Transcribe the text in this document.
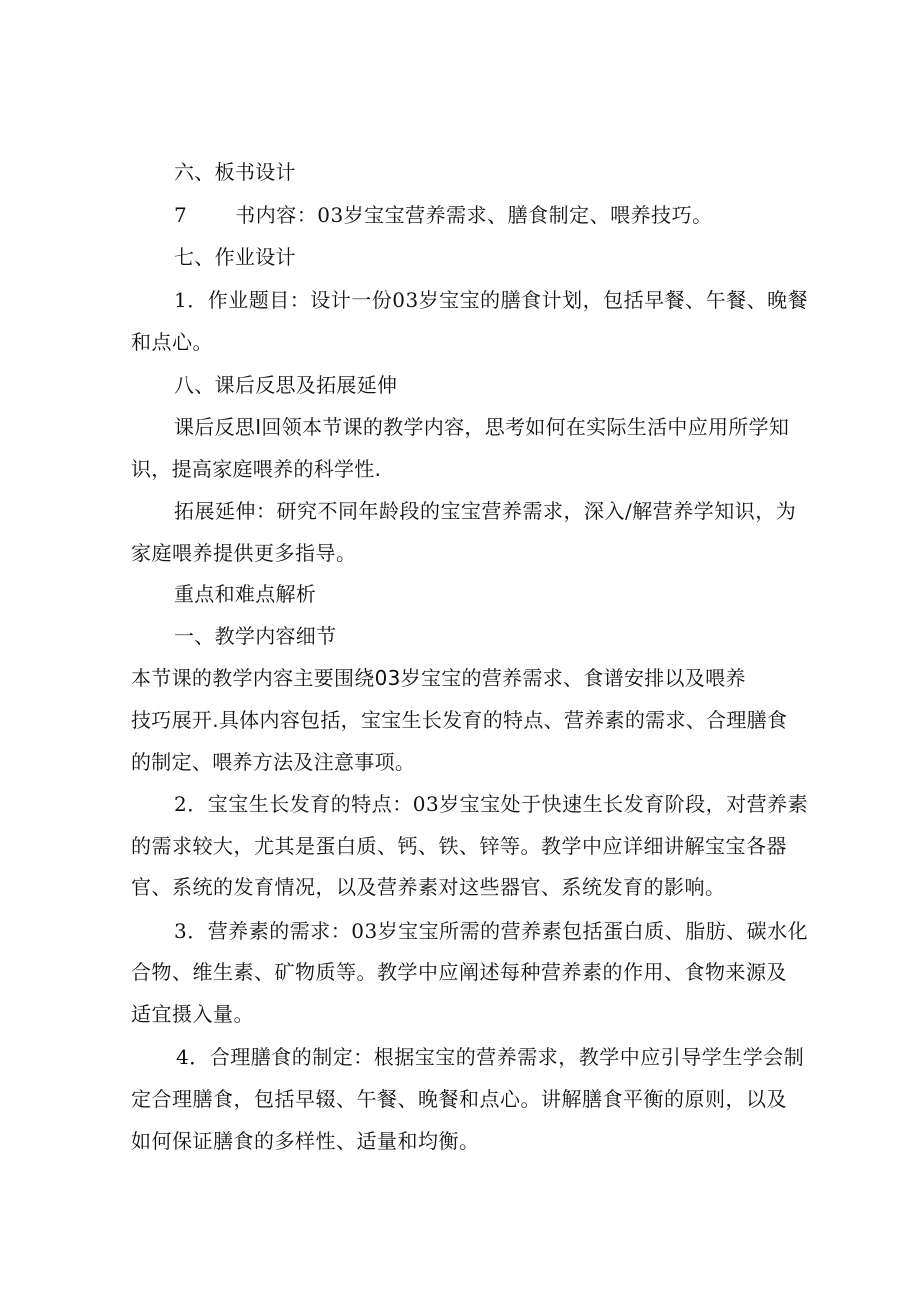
六、板书设计
7 书内容：03岁宝宝营养需求、膳食制定、喂养技巧。
七、作业设计
1．作业题目：设计一份03岁宝宝的膳食计划，包括早餐、午餐、晚餐
和点心。
八、课后反思及拓展延伸
课后反思I回领本节课的教学内容，思考如何在实际生活中应用所学知
识，提高家庭喂养的科学性.
拓展延伸：研究不同年龄段的宝宝营养需求，深入/解营养学知识，为
家庭喂养提供更多指导。
重点和难点解析
一、教学内容细节
本节课的教学内容主要围绕03岁宝宝的营养需求、食谱安排以及喂养
技巧展开.具体内容包括，宝宝生长发育的特点、营养素的需求、合理膳食
的制定、喂养方法及注意事项。
2．宝宝生长发育的特点：03岁宝宝处于快速生长发育阶段，对营养素
的需求较大，尤其是蛋白质、钙、铁、锌等。教学中应详细讲解宝宝各器
官、系统的发育情况，以及营养素对这些器官、系统发育的影响。
3．营养素的需求：03岁宝宝所需的营养素包括蛋白质、脂肪、碳水化
合物、维生素、矿物质等。教学中应阐述每种营养素的作用、食物来源及
适宜摄入量。
4．合理膳食的制定：根据宝宝的营养需求，教学中应引导学生学会制
定合理膳食，包括早辍、午餐、晚餐和点心。讲解膳食平衡的原则，以及
如何保证膳食的多样性、适量和均衡。
